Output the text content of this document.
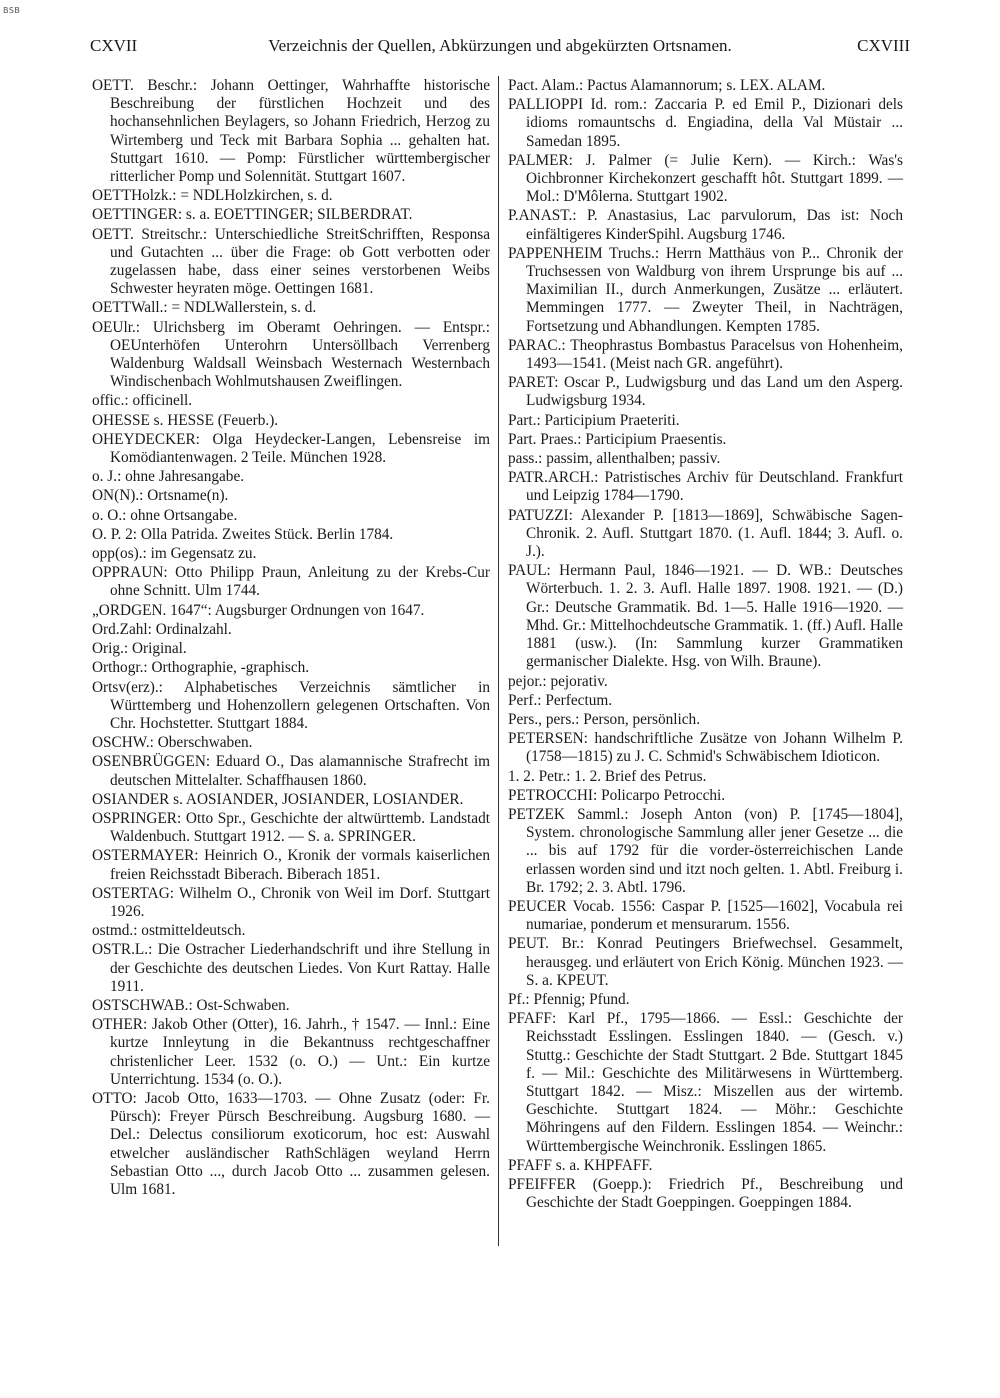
BSB
CXVII	Verzeichnis der Quellen, Abkürzungen und abgekürzten Ortsnamen.	CXVIII

OETT. Beschr.: Johann Oettinger, Wahrhaffte historische Beschreibung der fürstlichen Hochzeit und des hochansehnlichen Beylagers, so Johann Friedrich, Herzog zu Wirtemberg und Teck mit Barbara Sophia ... gehalten hat. Stuttgart 1610. — Pomp: Fürstlicher württembergischer ritterlicher Pomp und Solennität. Stuttgart 1607.

OETTHolzk.: = NDLHolzkirchen, s. d.

OETTINGER: s. a. EOETTINGER; SILBERDRAT.

OETT. Streitschr.: Unterschiedliche StreitSchrifften, Responsa und Gutachten ... über die Frage: ob Gott verbotten oder zugelassen habe, dass einer seines verstorbenen Weibs Schwester heyraten möge. Oettingen 1681.

OETTWall.: = NDLWallerstein, s. d.

OEUlr.: Ulrichsberg im Oberamt Oehringen. — Entspr.: OEUnterhöfen Unterohrn Untersöllbach Verrenberg Waldenburg Waldsall Weinsbach Westernach Westernbach Windischenbach Wohlmutshausen Zweiflingen.

offic.: officinell.

OHESSE s. HESSE (Feuerb.).

OHEYDECKER: Olga Heydecker-Langen, Lebensreise im Komödiantenwagen. 2 Teile. München 1928.

o. J.: ohne Jahresangabe.

ON(N).: Ortsname(n).

o. O.: ohne Ortsangabe.

O. P. 2: Olla Patrida. Zweites Stück. Berlin 1784.

opp(os).: im Gegensatz zu.

OPPRAUN: Otto Philipp Praun, Anleitung zu der Krebs-Cur ohne Schnitt. Ulm 1744.

„ORDGEN. 1647“: Augsburger Ordnungen von 1647.

Ord.Zahl: Ordinalzahl.

Orig.: Original.

Orthogr.: Orthographie, -graphisch.

Ortsv(erz).: Alphabetisches Verzeichnis sämtlicher in Württemberg und Hohenzollern gelegenen Ortschaften. Von Chr. Hochstetter. Stuttgart 1884.

OSCHW.: Oberschwaben.

OSENBRÜGGEN: Eduard O., Das alamannische Strafrecht im deutschen Mittelalter. Schaffhausen 1860.

OSIANDER s. AOSIANDER, JOSIANDER, LOSIANDER.

OSPRINGER: Otto Spr., Geschichte der altwürttemb. Landstadt Waldenbuch. Stuttgart 1912. — S. a. SPRINGER.

OSTERMAYER: Heinrich O., Kronik der vormals kaiserlichen freien Reichsstadt Biberach. Biberach 1851.

OSTERTAG: Wilhelm O., Chronik von Weil im Dorf. Stuttgart 1926.

ostmd.: ostmitteldeutsch.

OSTR.L.: Die Ostracher Liederhandschrift und ihre Stellung in der Geschichte des deutschen Liedes. Von Kurt Rattay. Halle 1911.

OSTSCHWAB.: Ost-Schwaben.

OTHER: Jakob Other (Otter), 16. Jahrh., † 1547. — Innl.: Eine kurtze Innleytung in die Bekantnuss rechtgeschaffner christenlicher Leer. 1532 (o. O.) — Unt.: Ein kurtze Unterrichtung. 1534 (o. O.).

OTTO: Jacob Otto, 1633—1703. — Ohne Zusatz (oder: Fr. Pürsch): Freyer Pürsch Beschreibung. Augsburg 1680. — Del.: Delectus consiliorum exoticorum, hoc est: Auswahl etwelcher ausländischer RathSchlägen weyland Herrn Sebastian Otto ..., durch Jacob Otto ... zusammen gelesen. Ulm 1681.

Pact. Alam.: Pactus Alamannorum; s. LEX. ALAM.

PALLIOPPI Id. rom.: Zaccaria P. ed Emil P., Dizionari dels idioms romauntschs d. Engiadina, della Val Müstair ... Samedan 1895.

PALMER: J. Palmer (= Julie Kern). — Kirch.: Was's Oichbronner Kirchekonzert geschafft hôt. Stuttgart 1899. — Mol.: D'Môlerna. Stuttgart 1902.

P.ANAST.: P. Anastasius, Lac parvulorum, Das ist: Noch einfältigeres KinderSpihl. Augsburg 1746.

PAPPENHEIM Truchs.: Herrn Matthäus von P... Chronik der Truchsessen von Waldburg von ihrem Ursprunge bis auf ... Maximilian II., durch Anmerkungen, Zusätze ... erläutert. Memmingen 1777. — Zweyter Theil, in Nachträgen, Fortsetzung und Abhandlungen. Kempten 1785.

PARAC.: Theophrastus Bombastus Paracelsus von Hohenheim, 1493—1541. (Meist nach GR. angeführt).

PARET: Oscar P., Ludwigsburg und das Land um den Asperg. Ludwigsburg 1934.

Part.: Participium Praeteriti.

Part. Praes.: Participium Praesentis.

pass.: passim, allenthalben; passiv.

PATR.ARCH.: Patristisches Archiv für Deutschland. Frankfurt und Leipzig 1784—1790.

PATUZZI: Alexander P. [1813—1869], Schwäbische Sagen-Chronik. 2. Aufl. Stuttgart 1870. (1. Aufl. 1844; 3. Aufl. o. J.).

PAUL: Hermann Paul, 1846—1921. — D. WB.: Deutsches Wörterbuch. 1. 2. 3. Aufl. Halle 1897. 1908. 1921. — (D.) Gr.: Deutsche Grammatik. Bd. 1—5. Halle 1916—1920. — Mhd. Gr.: Mittelhochdeutsche Grammatik. 1. (ff.) Aufl. Halle 1881 (usw.). (In: Sammlung kurzer Grammatiken germanischer Dialekte. Hsg. von Wilh. Braune).

pejor.: pejorativ.

Perf.: Perfectum.

Pers., pers.: Person, persönlich.

PETERSEN: handschriftliche Zusätze von Johann Wilhelm P. (1758—1815) zu J. C. Schmid's Schwäbischem Idioticon.

1. 2. Petr.: 1. 2. Brief des Petrus.

PETROCCHI: Policarpo Petrocchi.

PETZEK Samml.: Joseph Anton (von) P. [1745—1804], System. chronologische Sammlung aller jener Gesetze ... die ... bis auf 1792 für die vorder-österreichischen Lande erlassen worden sind und itzt noch gelten. 1. Abtl. Freiburg i. Br. 1792; 2. 3. Abtl. 1796.

PEUCER Vocab. 1556: Caspar P. [1525—1602], Vocabula rei numariae, ponderum et mensurarum. 1556.

PEUT. Br.: Konrad Peutingers Briefwechsel. Gesammelt, herausgeg. und erläutert von Erich König. München 1923. — S. a. KPEUT.

Pf.: Pfennig; Pfund.

PFAFF: Karl Pf., 1795—1866. — Essl.: Geschichte der Reichsstadt Esslingen. Esslingen 1840. — (Gesch. v.) Stuttg.: Geschichte der Stadt Stuttgart. 2 Bde. Stuttgart 1845 f. — Mil.: Geschichte des Militärwesens in Württemberg. Stuttgart 1842. — Misz.: Miszellen aus der wirtemb. Geschichte. Stuttgart 1824. — Möhr.: Geschichte Möhringens auf den Fildern. Esslingen 1854. — Weinchr.: Württembergische Weinchronik. Esslingen 1865.

PFAFF s. a. KHPFAFF.

PFEIFFER (Goepp.): Friedrich Pf., Beschreibung und Geschichte der Stadt Goeppingen. Goeppingen 1884.
